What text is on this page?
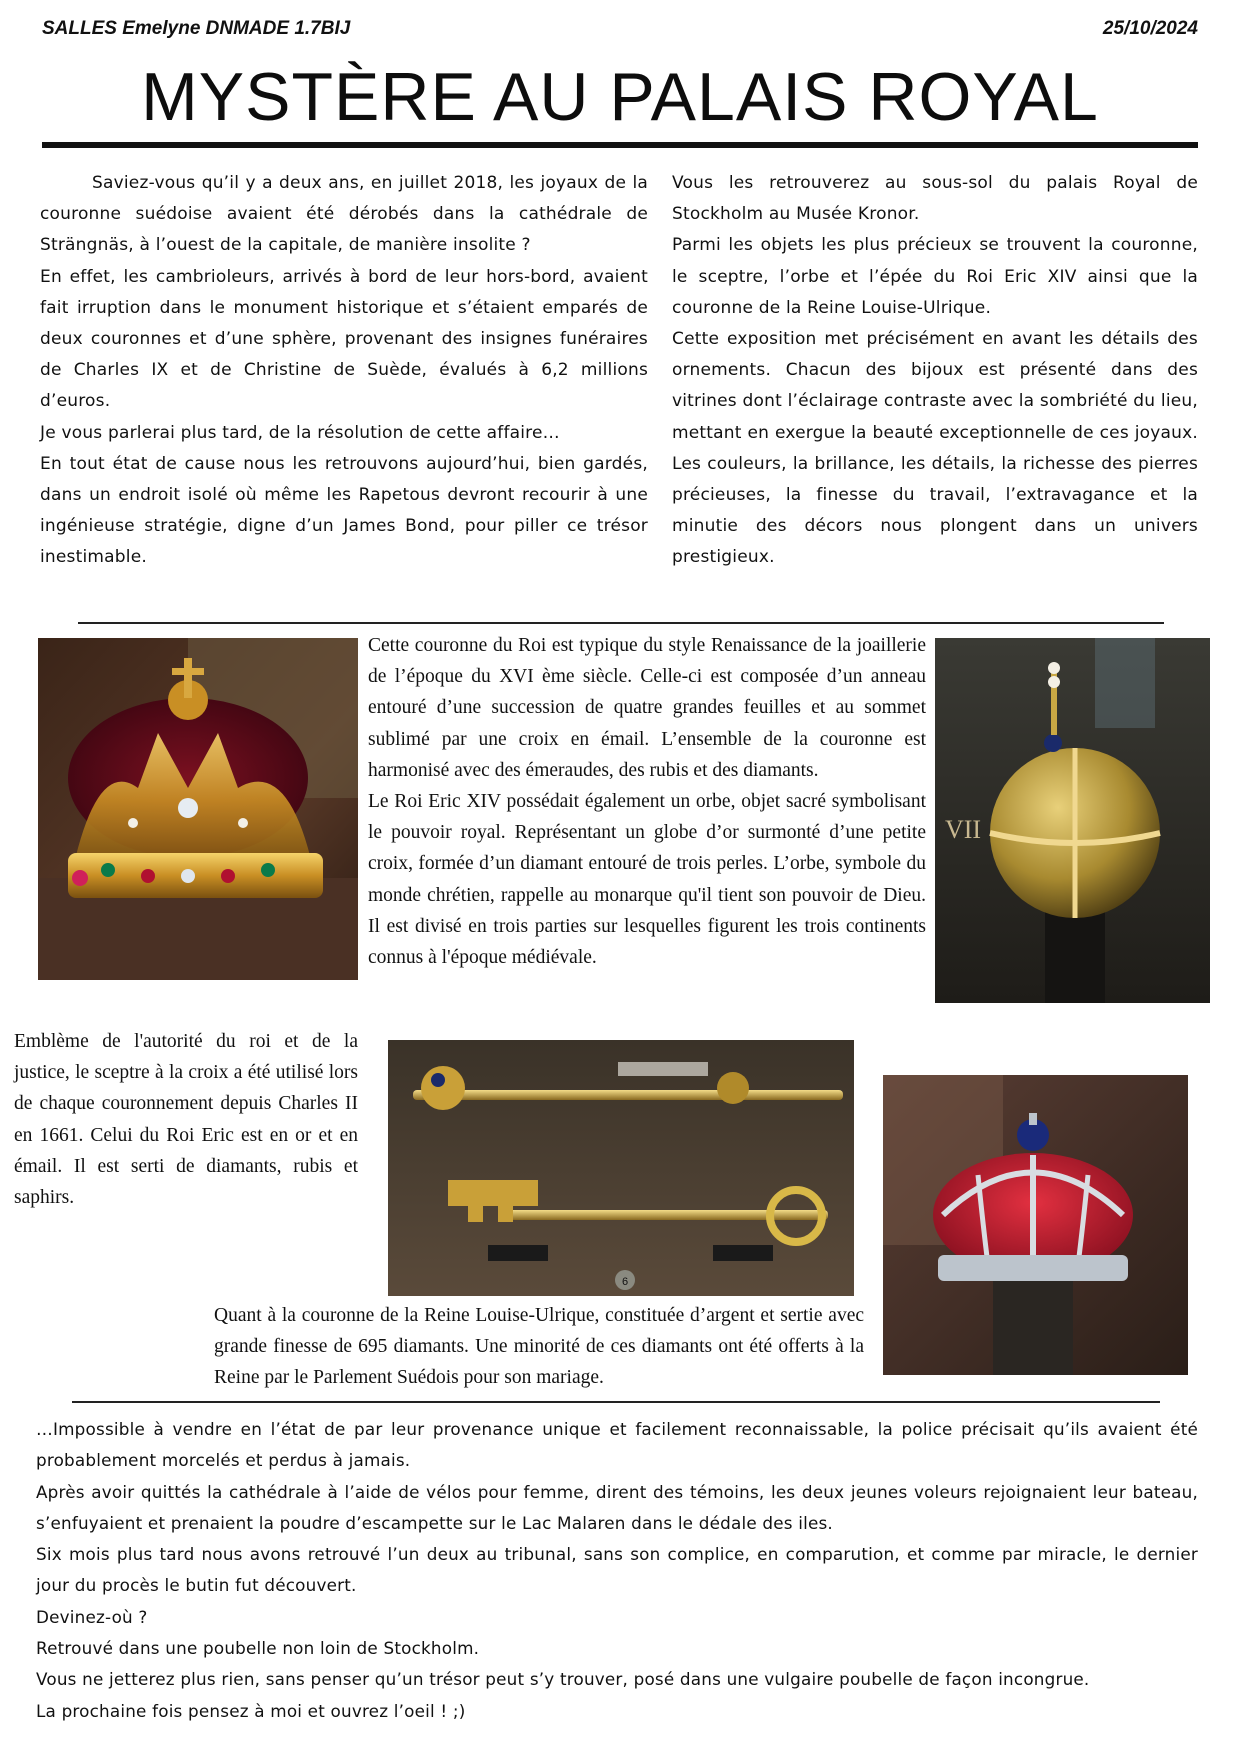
SALLES Emelyne DNMADE 1.7BIJ	25/10/2024
MYSTÈRE AU PALAIS ROYAL

Saviez-vous qu’il y a deux ans, en juillet 2018, les joyaux de la couronne suédoise avaient été dérobés dans la cathédrale de Strängnäs, à l’ouest de la capitale, de manière insolite ?

En effet, les cambrioleurs, arrivés à bord de leur hors-bord, avaient fait irruption dans le monument historique et s’étaient emparés de deux couronnes et d’une sphère, provenant des insignes funéraires de Charles IX et de Christine de Suède, évalués à 6,2 millions d’euros.

Je vous parlerai plus tard, de la résolution de cette affaire…

En tout état de cause nous les retrouvons aujourd’hui, bien gardés, dans un endroit isolé où même les Rapetous devront recourir à une ingénieuse stratégie, digne d’un James Bond, pour piller ce trésor inestimable.

Vous les retrouverez au sous-sol du palais Royal de Stockholm au Musée Kronor.

Parmi les objets les plus précieux se trouvent la couronne, le sceptre, l’orbe et l’épée du Roi Eric XIV ainsi que la couronne de la Reine Louise-Ulrique.

Cette exposition met précisément en avant les détails des ornements. Chacun des bijoux est présenté dans des vitrines dont l’éclairage contraste avec la sombriété du lieu, mettant en exergue la beauté exceptionnelle de ces joyaux. Les couleurs, la brillance, les détails, la richesse des pierres précieuses, la finesse du travail, l’extravagance et la minutie des décors nous plongent dans un univers prestigieux.

Cette couronne du Roi est typique du style Renaissance de la joaillerie de l’époque du XVI ème siècle. Celle-ci est composée d’un anneau entouré d’une succession de quatre grandes feuilles et au sommet sublimé par une croix en émail. L’ensemble de la couronne est harmonisé avec des émeraudes, des rubis et des diamants.

Le Roi Eric XIV possédait également un orbe, objet sacré symbolisant le pouvoir royal. Représentant un globe d’or surmonté d’une petite croix, formée d’un diamant entouré de trois perles. L’orbe, symbole du monde chrétien, rappelle au monarque qu'il tient son pouvoir de Dieu. Il est divisé en trois parties sur lesquelles figurent les trois continents connus à l'époque médiévale.

VII
Emblème de l'autorité du roi et de la justice, le sceptre à la croix a été utilisé lors de chaque couronnement depuis Charles II en 1661. Celui du Roi Eric est en or et en émail. Il est serti de diamants, rubis et saphirs.
6
Quant à la couronne de la Reine Louise-Ulrique, constituée d’argent et sertie avec grande finesse de 695 diamants. Une minorité de ces diamants ont été offerts à la Reine par le Parlement Suédois pour son mariage.

…Impossible à vendre en l’état de par leur provenance unique et facilement reconnaissable, la police précisait qu’ils avaient été probablement morcelés et perdus à jamais.

Après avoir quittés la cathédrale à l’aide de vélos pour femme, dirent des témoins, les deux jeunes voleurs rejoignaient leur bateau, s’enfuyaient et prenaient la poudre d’escampette sur le Lac Malaren dans le dédale des iles.

Six mois plus tard nous avons retrouvé l’un deux au tribunal, sans son complice, en comparution, et comme par miracle, le dernier jour du procès le butin fut découvert.

Devinez-où ?

Retrouvé dans une poubelle non loin de Stockholm.

Vous ne jetterez plus rien, sans penser qu’un trésor peut s’y trouver, posé dans une vulgaire poubelle de façon incongrue.

La prochaine fois pensez à moi et ouvrez l’oeil ! ;)
